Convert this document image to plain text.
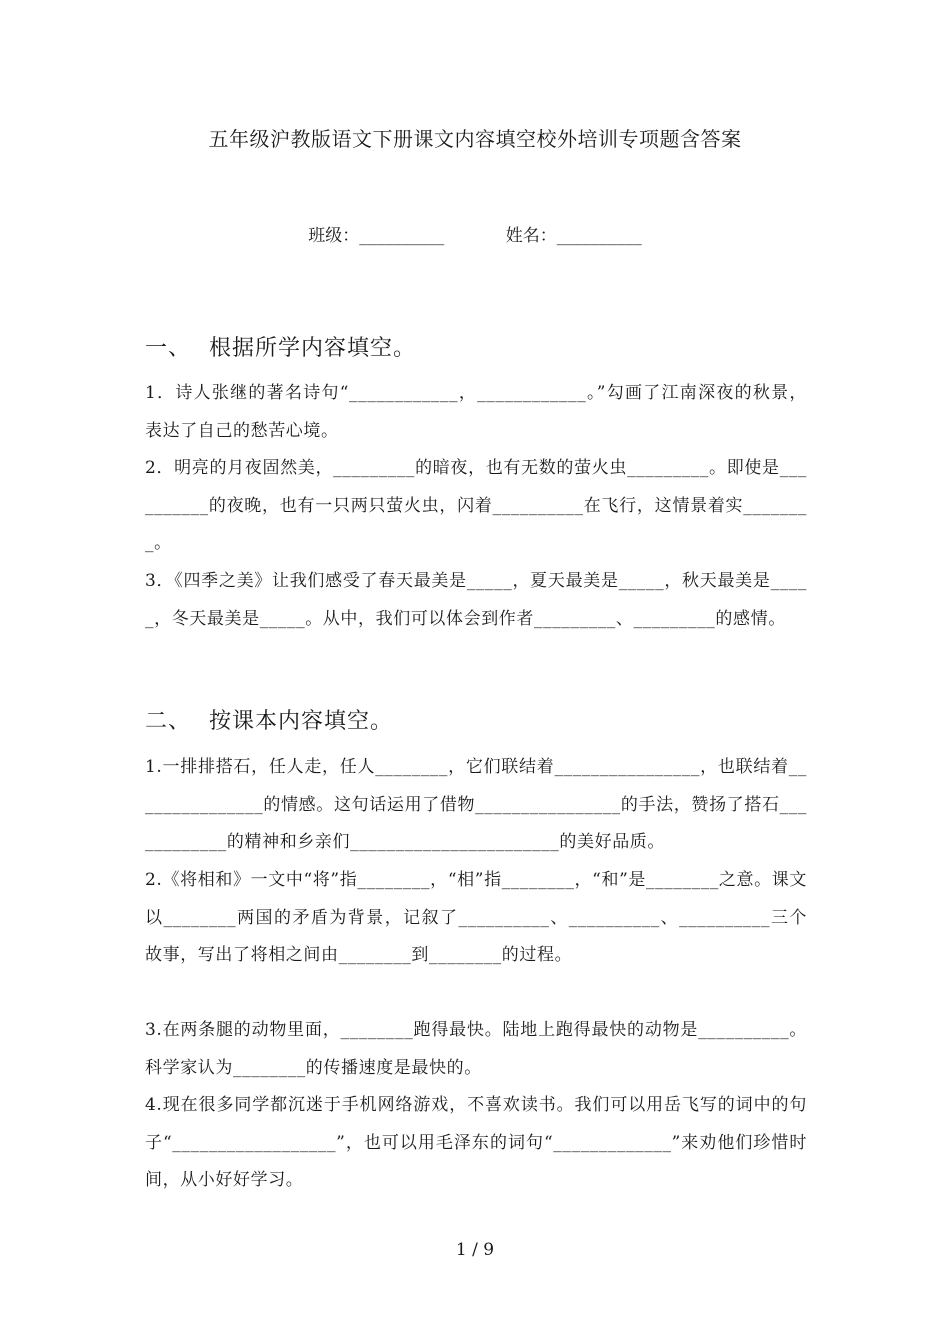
五年级沪教版语文下册课文内容填空校外培训专项题含答案
班级：__________	姓名：__________
一、 根据所学内容填空。
1．诗人张继的著名诗句“____________，____________。”勾画了江南深夜的秋景，表达了自己的愁苦心境。
2．明亮的月夜固然美，_________的暗夜，也有无数的萤火虫_________。即使是__________的夜晚，也有一只两只萤火虫，闪着__________在飞行，这情景着实________。
3．《四季之美》让我们感受了春天最美是_____，夏天最美是_____，秋天最美是_____，冬天最美是_____。从中，我们可以体会到作者_________、_________的感情。
二、 按课本内容填空。
1.一排排搭石，任人走，任人________，它们联结着________________，也联结着_______________的情感。这句话运用了借物________________的手法，赞扬了搭石____________的精神和乡亲们_______________________的美好品质。
2.《将相和》一文中“将”指________，“相”指________，“和”是________之意。课文以________两国的矛盾为背景，记叙了__________、__________、__________三个故事，写出了将相之间由________到________的过程。
3.在两条腿的动物里面，________跑得最快。陆地上跑得最快的动物是__________。科学家认为________的传播速度是最快的。
4.现在很多同学都沉迷于手机网络游戏，不喜欢读书。我们可以用岳飞写的词中的句子“__________________”，也可以用毛泽东的词句“_____________”来劝他们珍惜时间，从小好好学习。
1 / 9
